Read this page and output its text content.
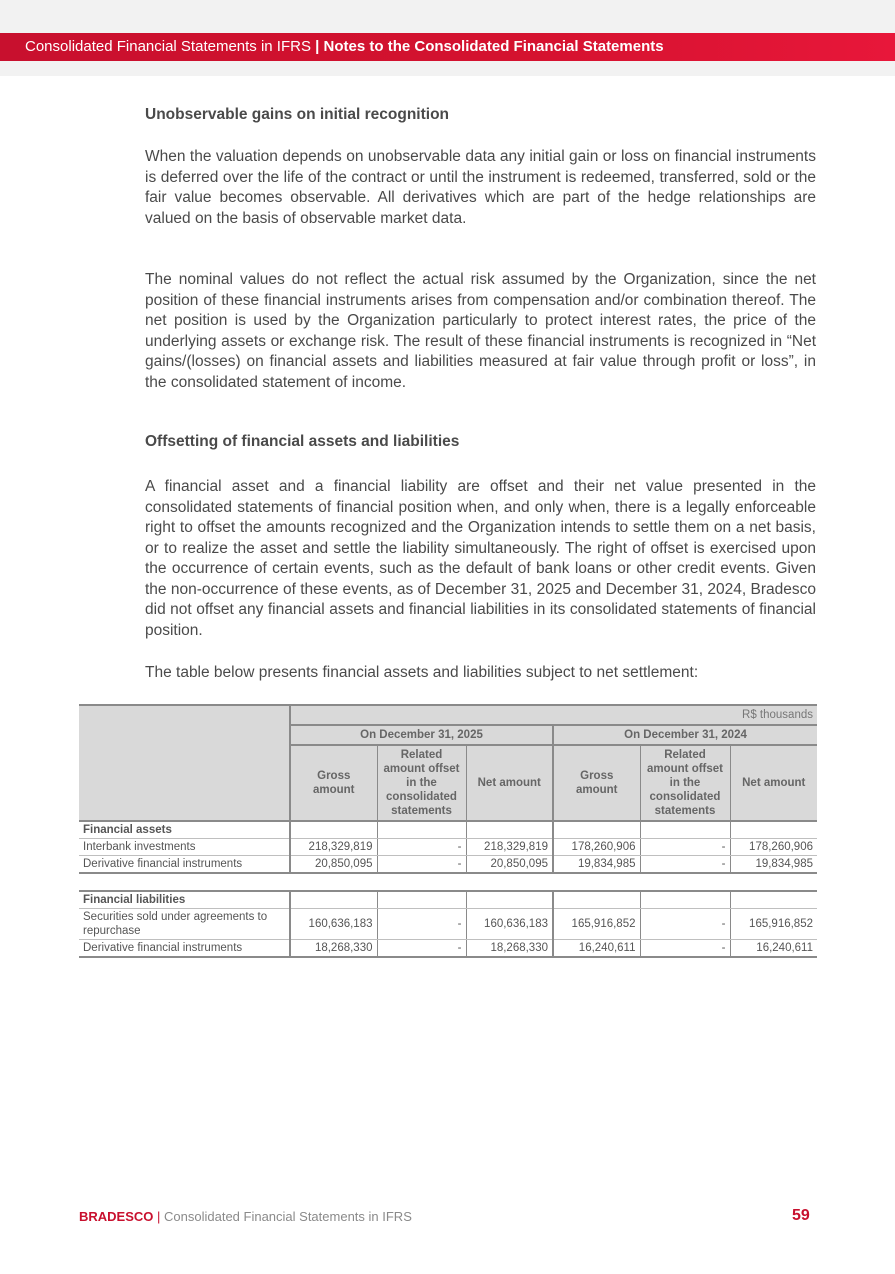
Consolidated Financial Statements in IFRS | Notes to the Consolidated Financial Statements
Unobservable gains on initial recognition

When the valuation depends on unobservable data any initial gain or loss on financial instruments is deferred over the life of the contract or until the instrument is redeemed, transferred, sold or the fair value becomes observable. All derivatives which are part of the hedge relationships are valued on the basis of observable market data.

The nominal values do not reflect the actual risk assumed by the Organization, since the net position of these financial instruments arises from compensation and/or combination thereof. The net position is used by the Organization particularly to protect interest rates, the price of the underlying assets or exchange risk. The result of these financial instruments is recognized in “Net gains/(losses) on financial assets and liabilities measured at fair value through profit or loss”, in the consolidated statement of income.

Offsetting of financial assets and liabilities

A financial asset and a financial liability are offset and their net value presented in the consolidated statements of financial position when, and only when, there is a legally enforceable right to offset the amounts recognized and the Organization intends to settle them on a net basis, or to realize the asset and settle the liability simultaneously. The right of offset is exercised upon the occurrence of certain events, such as the default of bank loans or other credit events. Given the non-occurrence of these events, as of December 31, 2025 and December 31, 2024, Bradesco did not offset any financial assets and financial liabilities in its consolidated statements of financial position.

The table below presents financial assets and liabilities subject to net settlement:

	R$ thousands					
	On December 31, 2025			On December 31, 2024		
	Gross amount	Related amount offset in the consolidated statements	Net amount	Gross amount	Related amount offset in the consolidated statements	Net amount
Financial assets						
Interbank investments	218,329,819	-	218,329,819	178,260,906	-	178,260,906
Derivative financial instruments	20,850,095	-	20,850,095	19,834,985	-	19,834,985

Financial liabilities						
Securities sold under agreements to repurchase	160,636,183	-	160,636,183	165,916,852	-	165,916,852
Derivative financial instruments	18,268,330	-	18,268,330	16,240,611	-	16,240,611
BRADESCO | Consolidated Financial Statements in IFRS	59
